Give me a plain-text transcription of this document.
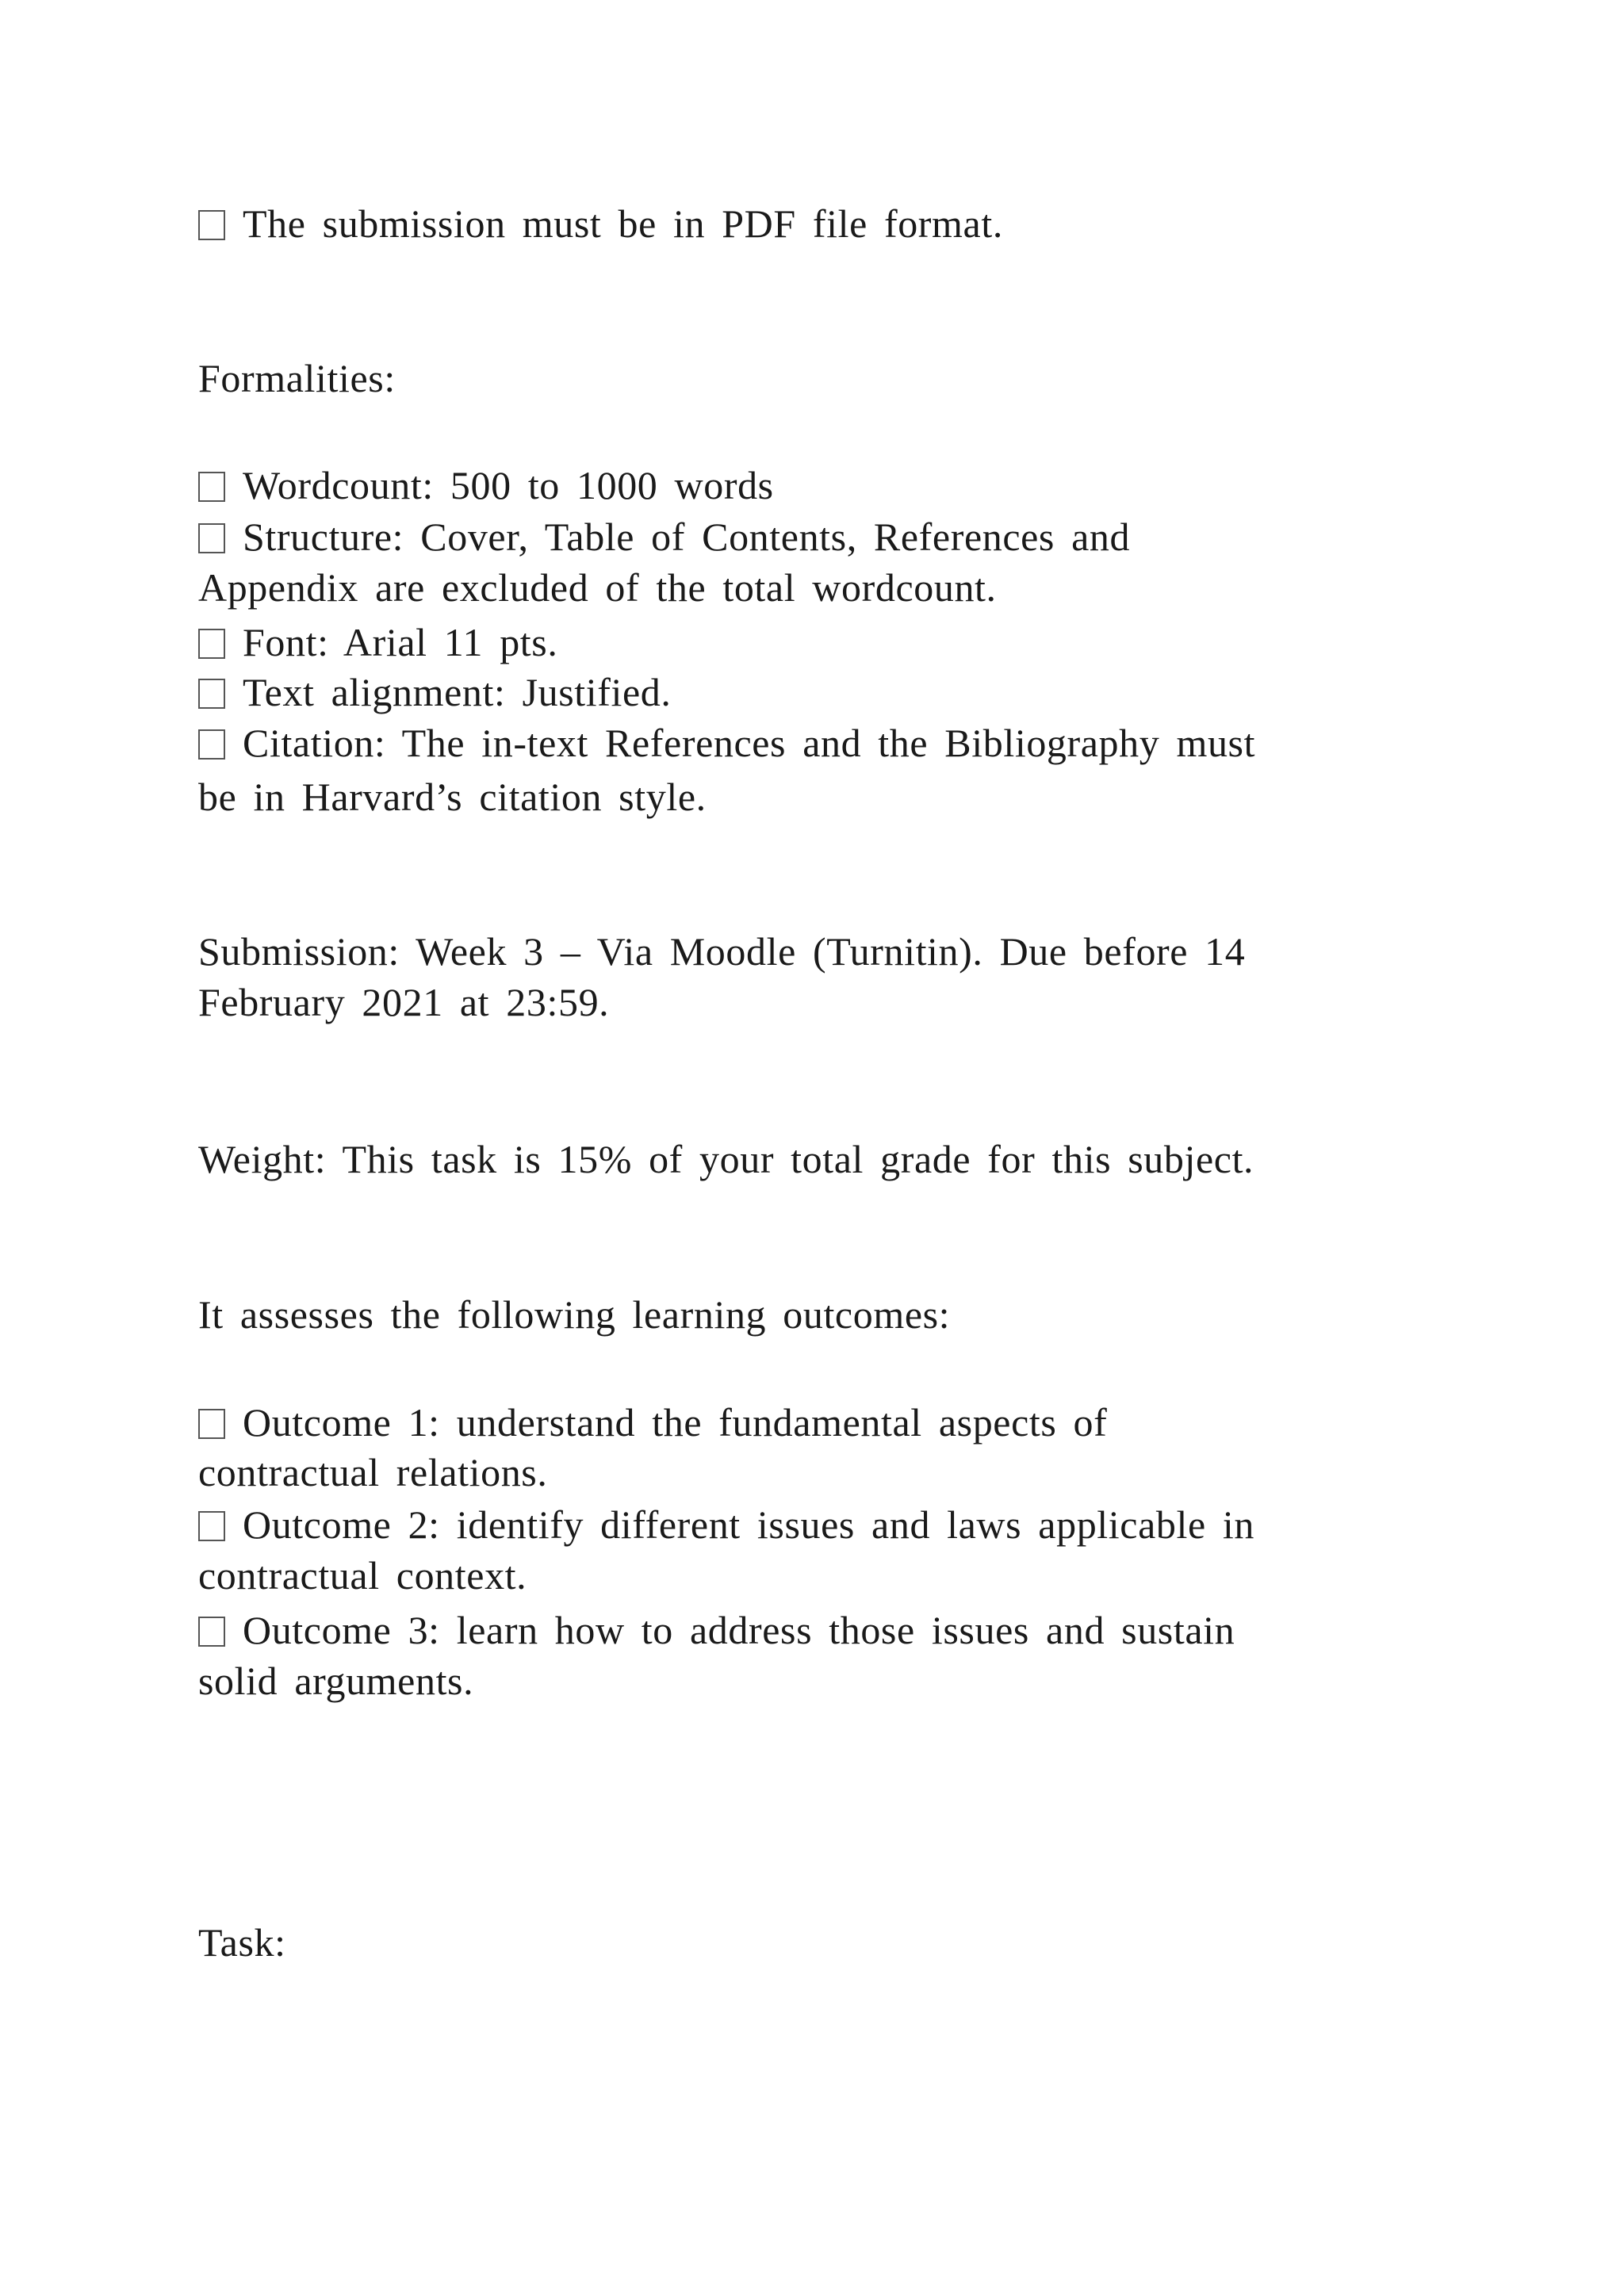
The submission must be in PDF file format.
Formalities:
Wordcount: 500 to 1000 words
Structure: Cover, Table of Contents, References and
Appendix are excluded of the total wordcount.
Font: Arial 11 pts.
Text alignment: Justified.
Citation: The in-text References and the Bibliography must
be in Harvard’s citation style.
Submission: Week 3 – Via Moodle (Turnitin). Due before 14
February 2021 at 23:59.
Weight: This task is 15% of your total grade for this subject.
It assesses the following learning outcomes:
Outcome 1: understand the fundamental aspects of
contractual relations.
Outcome 2: identify different issues and laws applicable in
contractual context.
Outcome 3: learn how to address those issues and sustain
solid arguments.
Task:
